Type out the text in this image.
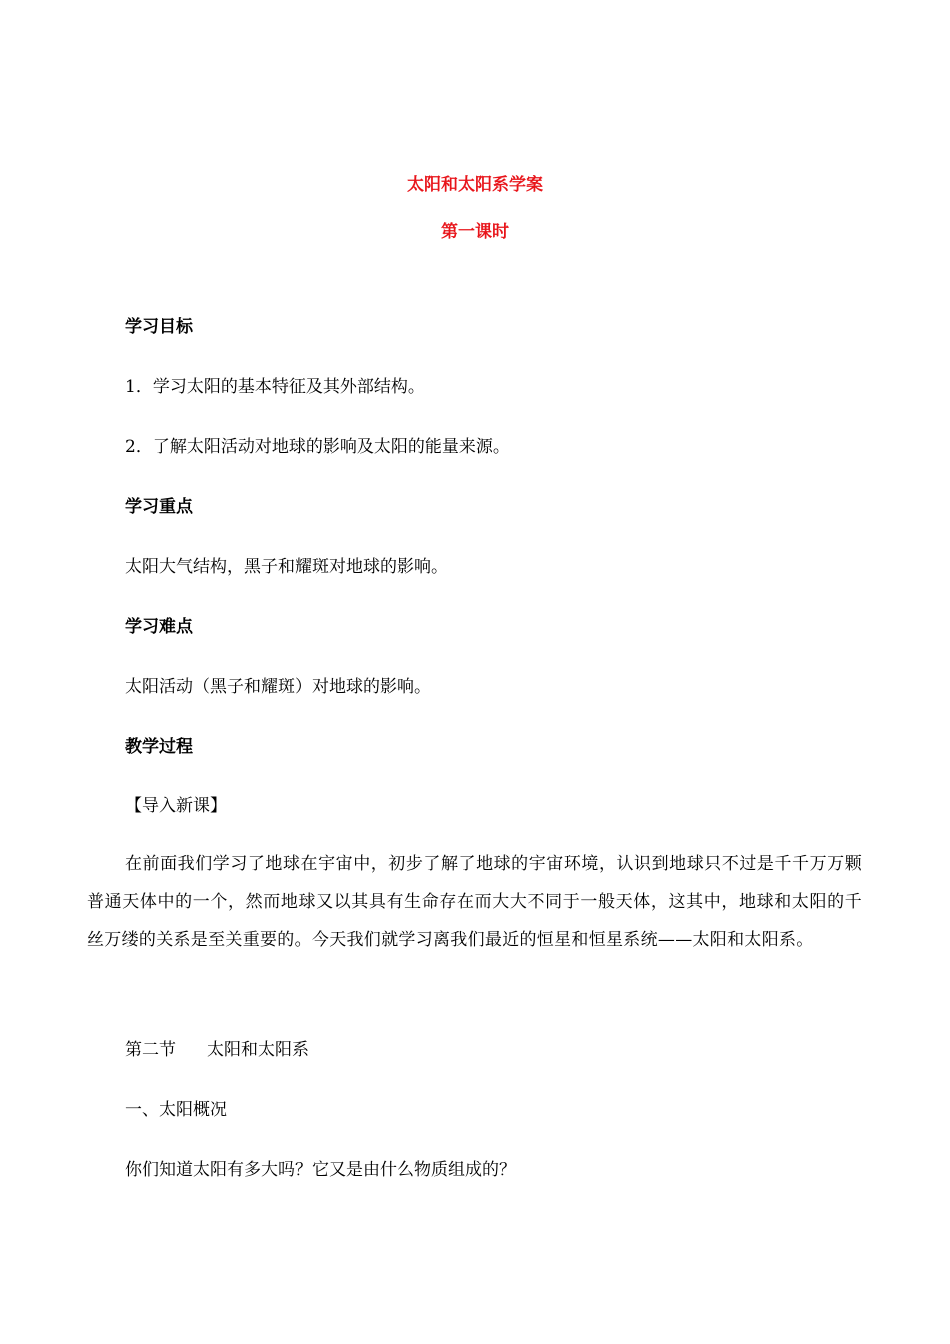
太阳和太阳系学案
第一课时
学习目标
1．学习太阳的基本特征及其外部结构。
2．了解太阳活动对地球的影响及太阳的能量来源。
学习重点
太阳大气结构，黑子和耀斑对地球的影响。
学习难点
太阳活动（黑子和耀斑）对地球的影响。
教学过程
【导入新课】
在前面我们学习了地球在宇宙中，初步了解了地球的宇宙环境，认识到地球只不过是千千万万颗普通天体中的一个，然而地球又以其具有生命存在而大大不同于一般天体，这其中，地球和太阳的千丝万缕的关系是至关重要的。今天我们就学习离我们最近的恒星和恒星系统——太阳和太阳系。
第二节 太阳和太阳系
一、太阳概况
你们知道太阳有多大吗？它又是由什么物质组成的？
